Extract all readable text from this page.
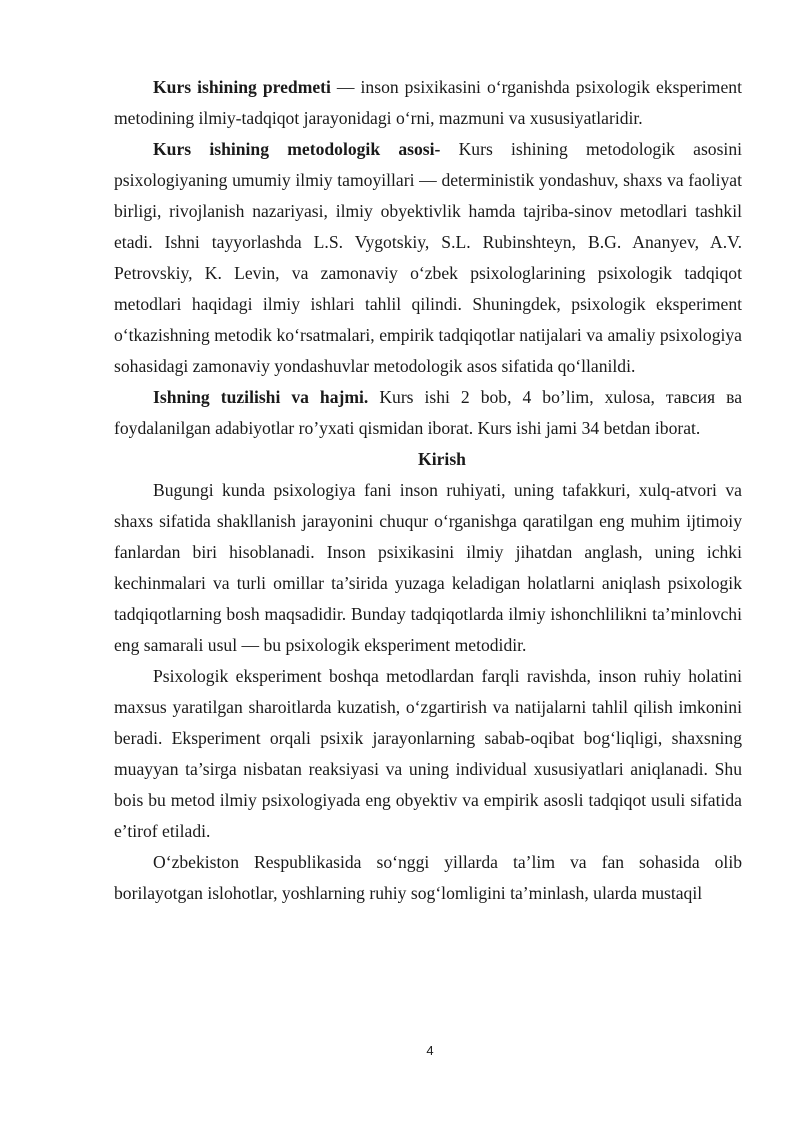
Kurs ishining predmeti — inson psixikasini o‘rganishda psixologik eksperiment metodining ilmiy-tadqiqot jarayonidagi o‘rni, mazmuni va xususiyatlaridir.

Kurs ishining metodologik asosi- Kurs ishining metodologik asosini psixologiyaning umumiy ilmiy tamoyillari — deterministik yondashuv, shaxs va faoliyat birligi, rivojlanish nazariyasi, ilmiy obyektivlik hamda tajriba-sinov metodlari tashkil etadi. Ishni tayyorlashda L.S. Vygotskiy, S.L. Rubinshteyn, B.G. Ananyev, A.V. Petrovskiy, K. Levin, va zamonaviy o‘zbek psixologlarining psixologik tadqiqot metodlari haqidagi ilmiy ishlari tahlil qilindi. Shuningdek, psixologik eksperiment o‘tkazishning metodik ko‘rsatmalari, empirik tadqiqotlar natijalari va amaliy psixologiya sohasidagi zamonaviy yondashuvlar metodologik asos sifatida qo‘llanildi.

Ishning tuzilishi va hajmi. Kurs ishi 2 bob, 4 bo’lim, xulosa, тавсия ва foydalanilgan adabiyotlar ro’yxati qismidan iborat. Kurs ishi jami 34 betdan iborat.

Kirish

Bugungi kunda psixologiya fani inson ruhiyati, uning tafakkuri, xulq-atvori va shaxs sifatida shakllanish jarayonini chuqur o‘rganishga qaratilgan eng muhim ijtimoiy fanlardan biri hisoblanadi. Inson psixikasini ilmiy jihatdan anglash, uning ichki kechinmalari va turli omillar ta’sirida yuzaga keladigan holatlarni aniqlash psixologik tadqiqotlarning bosh maqsadidir. Bunday tadqiqotlarda ilmiy ishonchlilikni ta’minlovchi eng samarali usul — bu psixologik eksperiment metodidir.

Psixologik eksperiment boshqa metodlardan farqli ravishda, inson ruhiy holatini maxsus yaratilgan sharoitlarda kuzatish, o‘zgartirish va natijalarni tahlil qilish imkonini beradi. Eksperiment orqali psixik jarayonlarning sabab-oqibat bog‘liqligi, shaxsning muayyan ta’sirga nisbatan reaksiyasi va uning individual xususiyatlari aniqlanadi. Shu bois bu metod ilmiy psixologiyada eng obyektiv va empirik asosli tadqiqot usuli sifatida e’tirof etiladi.

O‘zbekiston Respublikasida so‘nggi yillarda ta’lim va fan sohasida olib borilayotgan islohotlar, yoshlarning ruhiy sog‘lomligini ta’minlash, ularda mustaqil

4
